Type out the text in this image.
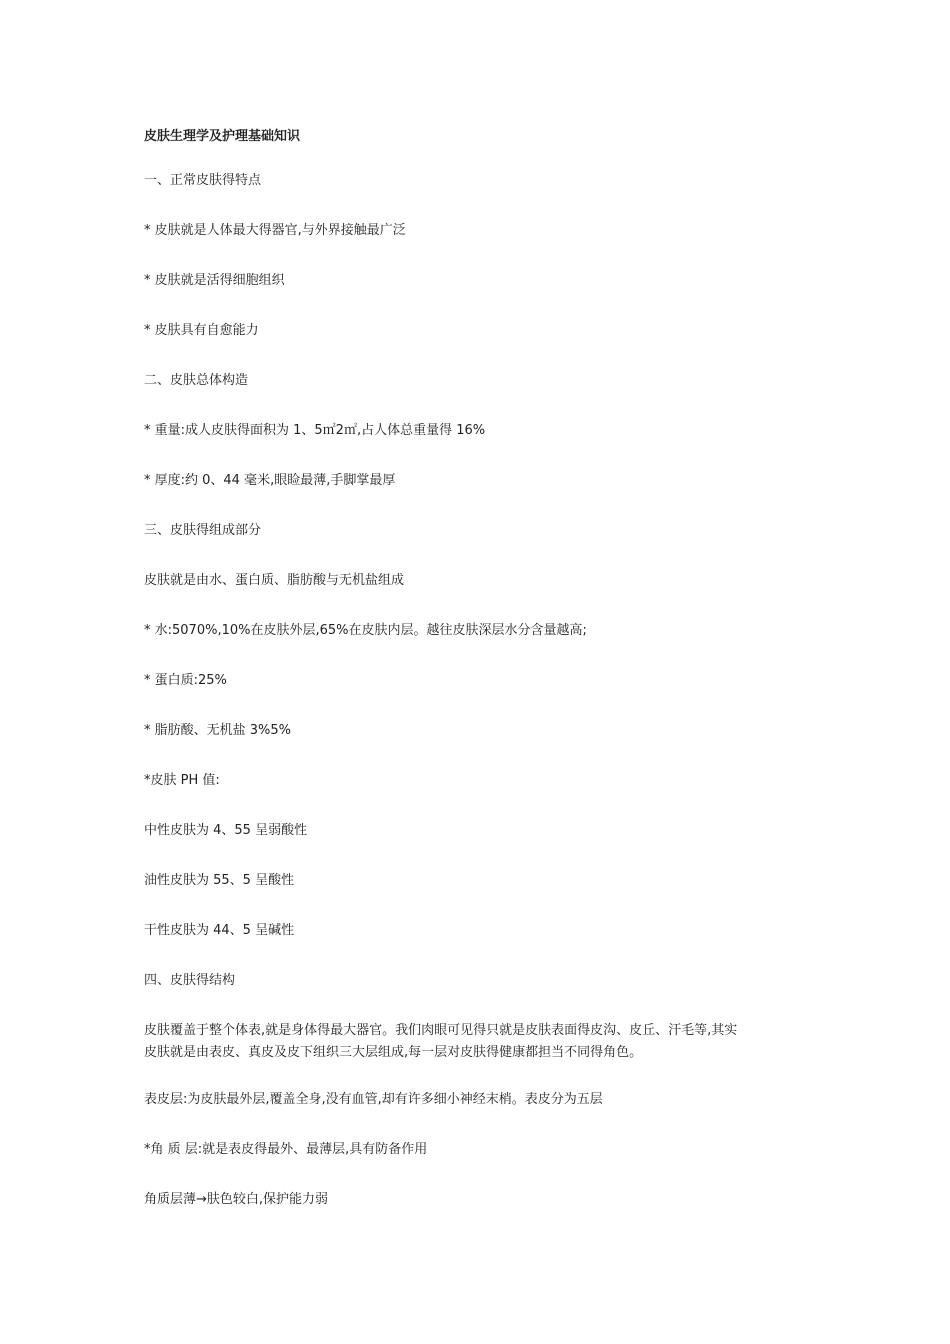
皮肤生理学及护理基础知识
一、正常皮肤得特点
* 皮肤就是人体最大得器官,与外界接触最广泛
* 皮肤就是活得细胞组织
* 皮肤具有自愈能力
二、皮肤总体构造
* 重量:成人皮肤得面积为 1、5㎡2㎡,占人体总重量得 16%
* 厚度:约 0、44 毫米,眼睑最薄,手脚掌最厚
三、皮肤得组成部分
皮肤就是由水、蛋白质、脂肪酸与无机盐组成
* 水:5070%,10%在皮肤外层,65%在皮肤内层。越往皮肤深层水分含量越高;
* 蛋白质:25%
* 脂肪酸、无机盐 3%5%
*皮肤 PH 值:
中性皮肤为 4、55 呈弱酸性
油性皮肤为 55、5 呈酸性
干性皮肤为 44、5 呈碱性
四、皮肤得结构
皮肤覆盖于整个体表,就是身体得最大器官。我们肉眼可见得只就是皮肤表面得皮沟、皮丘、汗毛等,其实
皮肤就是由表皮、真皮及皮下组织三大层组成,每一层对皮肤得健康都担当不同得角色。
表皮层:为皮肤最外层,覆盖全身,没有血管,却有许多细小神经末梢。表皮分为五层
*角 质 层:就是表皮得最外、最薄层,具有防备作用
角质层薄→肤色较白,保护能力弱
